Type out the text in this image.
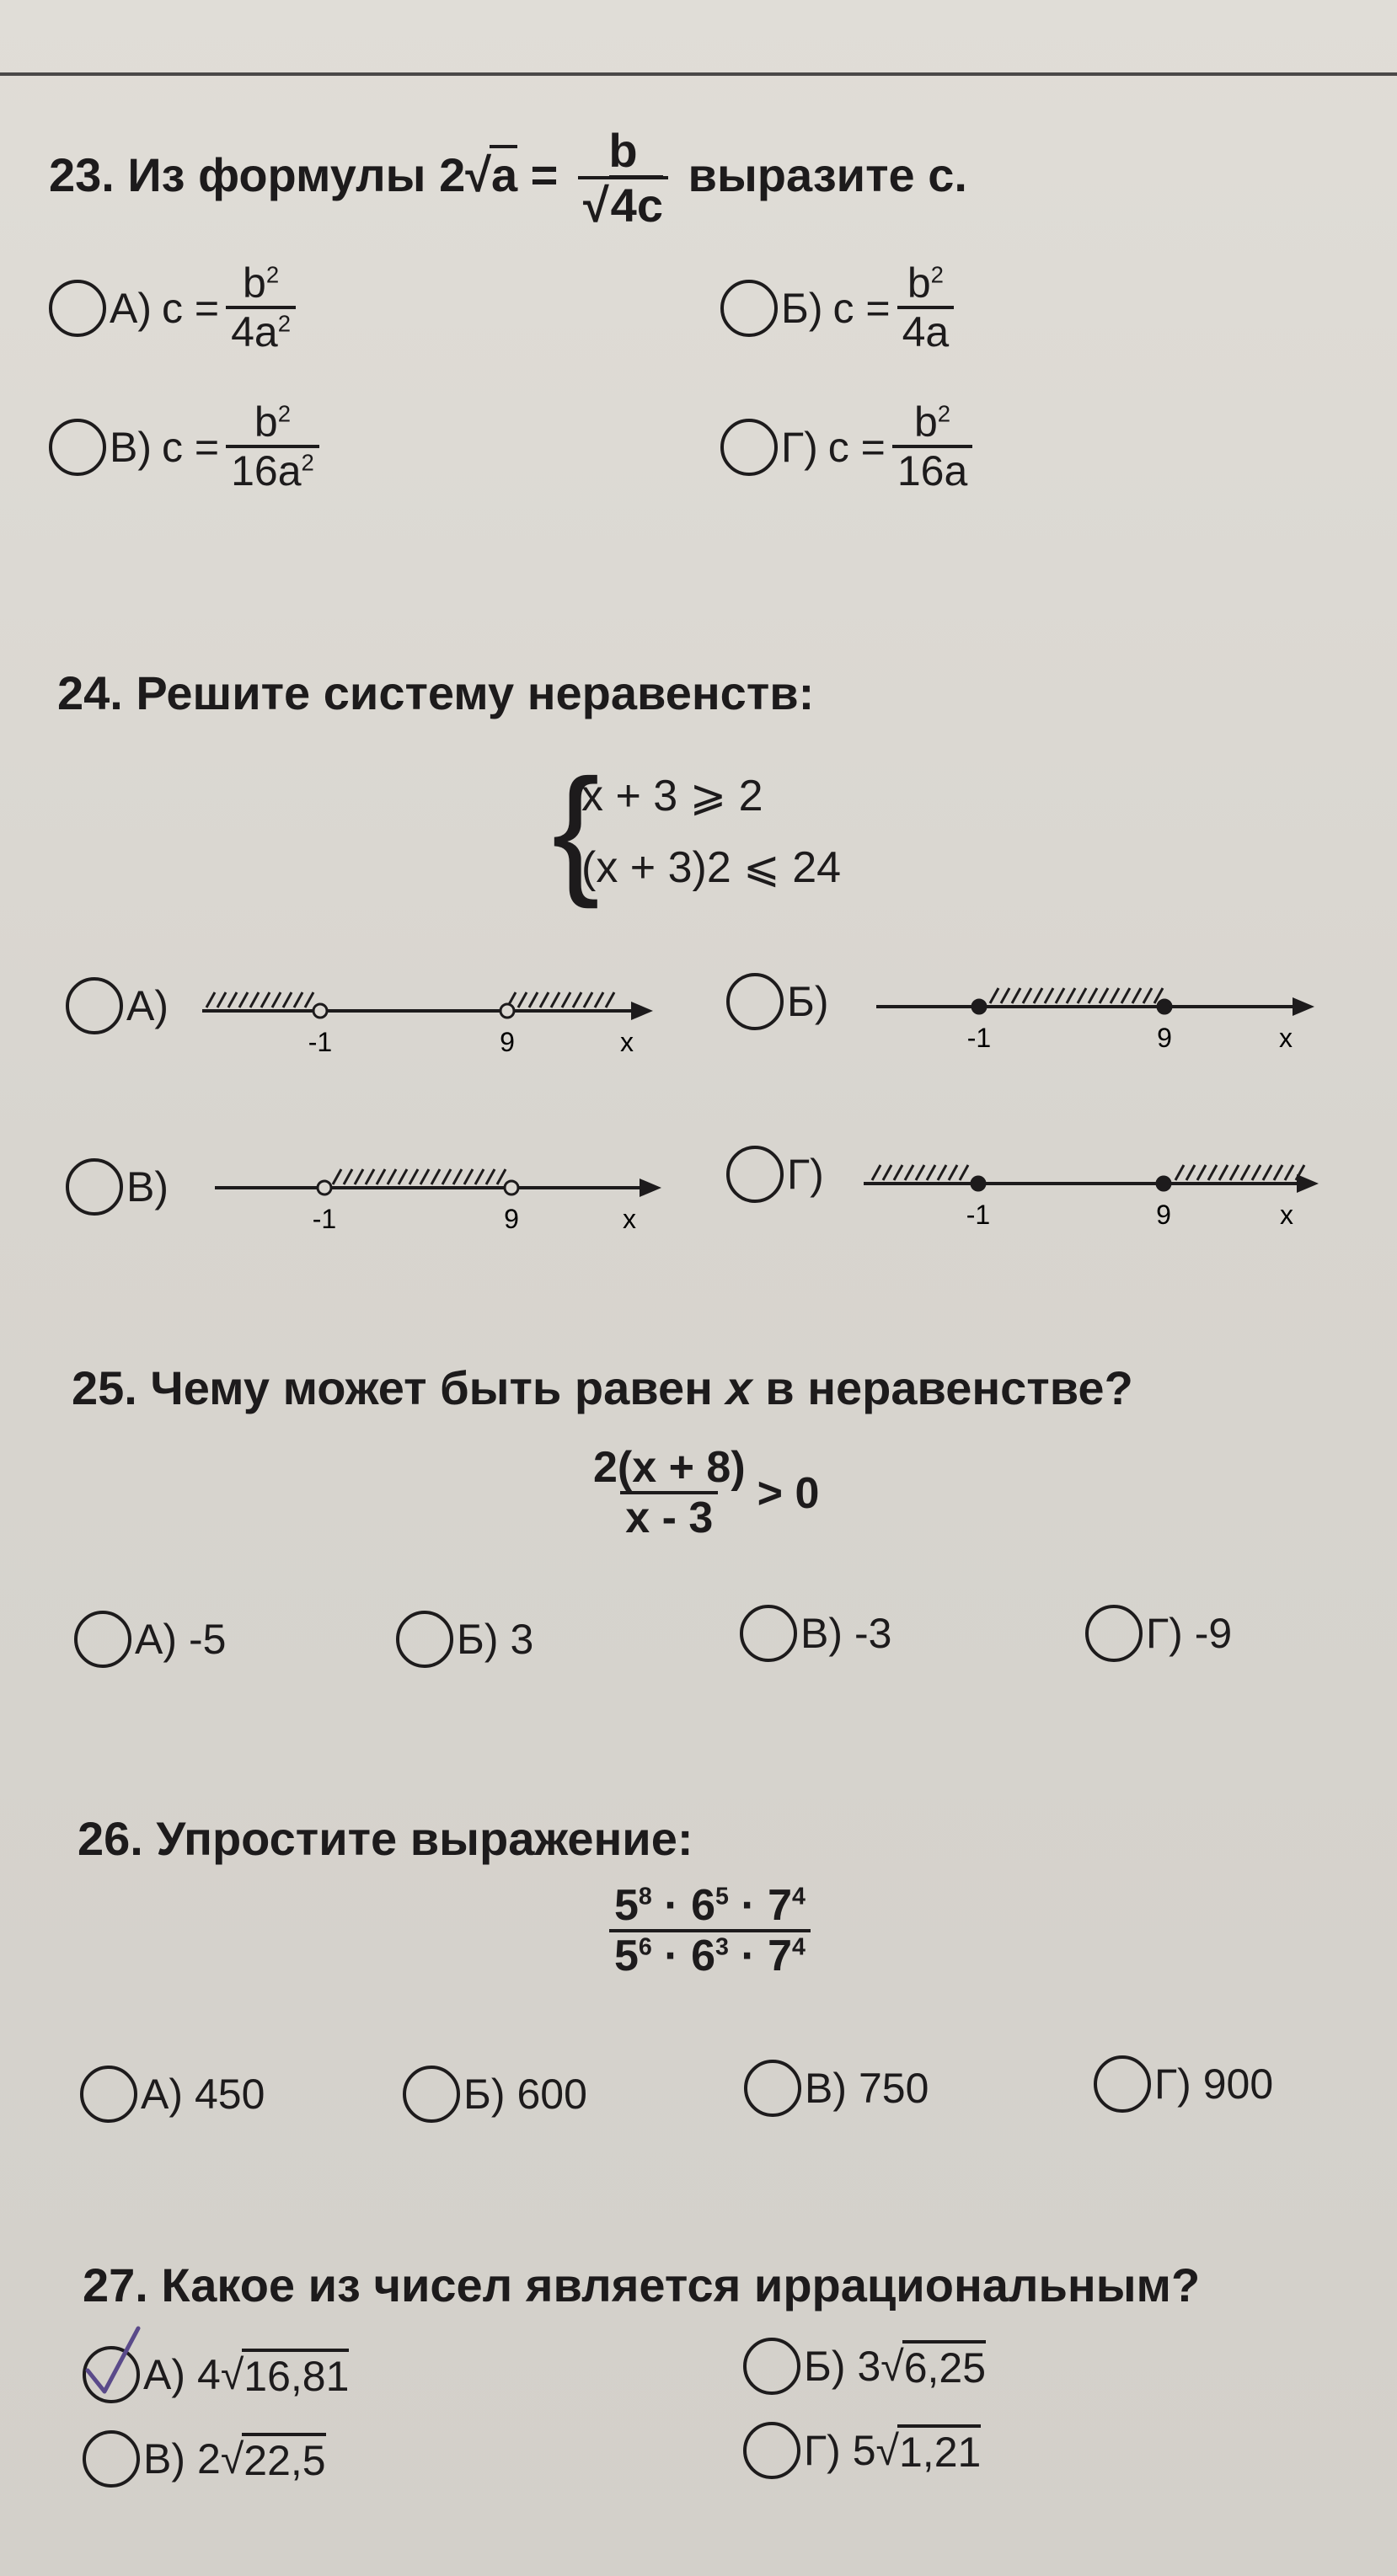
23. Из формулы $2√a = \frac{b}{√4c}$ выразите с.
А) $c = \frac{b^2}{4a^2}$	Б) $c = \frac{b^2}{4a}$
В) $c = \frac{b^2}{16a^2}$	Г) $c = \frac{b^2}{16a}$
24. Решите систему неравенств:
{
x + 3 ⩾ 2
(x + 3)2 ⩽ 24
А)
-1	9	x
Б)
-1	9	x
В)
-1	9	x
Г)
-1	9	x
25. Чему может быть равен x в неравенстве?
$\frac{2(x + 8)}{x - 3} > 0$
А) -5	Б) 3	В) -3	Г) -9
26. Упростите выражение:
$\frac{5^8 \cdot 6^5 \cdot 7^4}{5^6 \cdot 6^3 \cdot 7^4}$
А) 450	Б) 600	В) 750	Г) 900
27. Какое из чисел является иррациональным?
А) 4 √ 16,81	Б) 3 √ 6,25
В) 2 √ 22,5	Г) 5 √ 1,21
